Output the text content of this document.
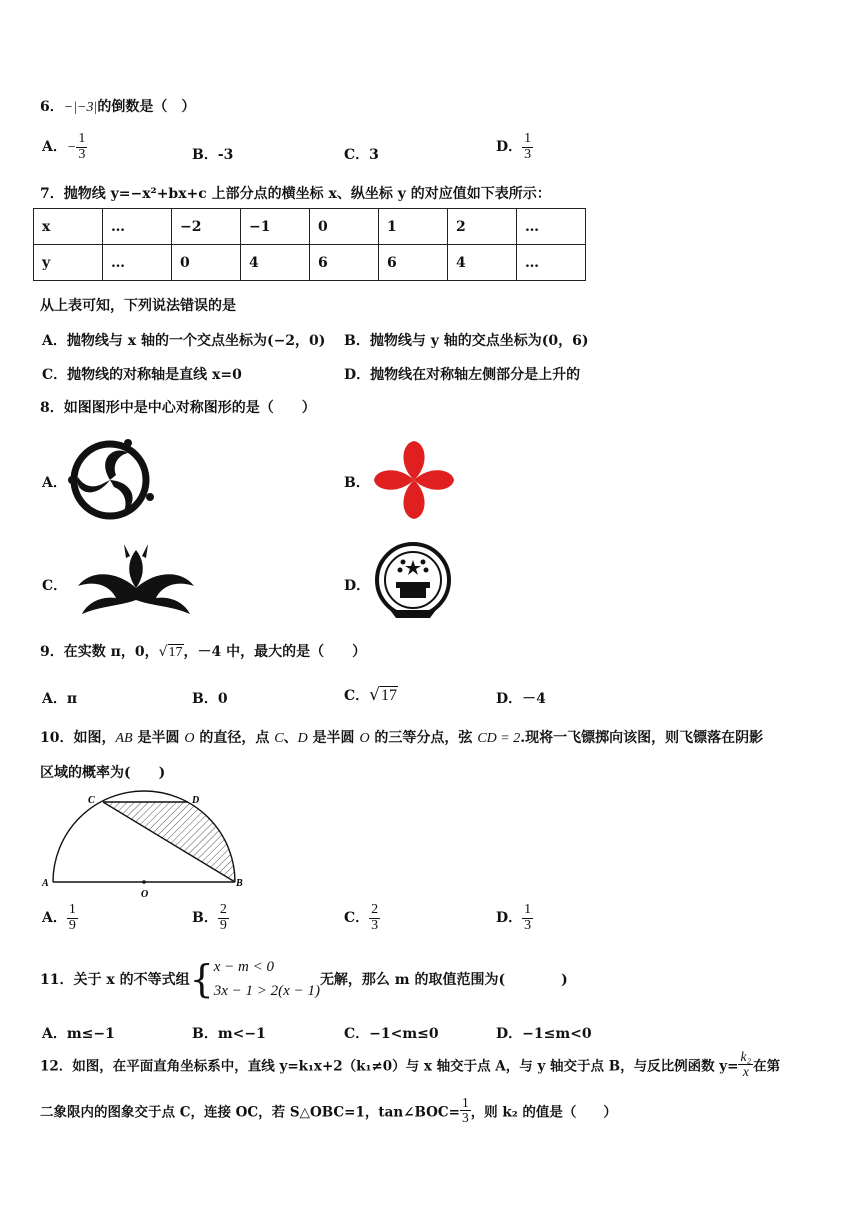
6．−|−3|的倒数是（　）
A．− $\frac{1}{3}$	B．-3	C．3	D． $\frac{1}{3}$
7．抛物线 y=−x²+bx+c 上部分点的横坐标 x、纵坐标 y 的对应值如下表所示：
x	…	−2	−1	0	1	2	…
y	…	0	4	6	6	4	…
从上表可知，下列说法错误的是
A．抛物线与 x 轴的一个交点坐标为(−2，0) B．抛物线与 y 轴的交点坐标为(0，6)
C．抛物线的对称轴是直线 x=0	D．抛物线在对称轴左侧部分是上升的
8．如图图形中是中心对称图形的是（　　）
A．	B．
C．	D．
9．在实数 π，0，√17，－4 中，最大的是（　　）
A．π	B．0	C．√17	D．－4
10．如图，AB 是半圆 O 的直径，点 C、D 是半圆 O 的三等分点，弦 CD = 2.现将一飞镖掷向该图，则飞镖落在阴影
区域的概率为(　　)
A	B
C	D
O
A． $\frac{1}{9}$	B． $\frac{2}{9}$	C． $\frac{2}{3}$	D． $\frac{1}{3}$
11．关于 x 的不等式组{ x − m < 0
3x − 1 > 2(x − 1)
无解，那么 m 的取值范围为(　　　　)
A．m≤−1	B．m<−1	C．−1<m≤0	D．−1≤m<0
12．如图，在平面直角坐标系中，直线 y=k₁x+2（k₁≠0）与 x 轴交于点 A，与 y 轴交于点 B，与反比例函数 $y= \frac{\text{k₂}}{x}$ 在第
二象限内的图象交于点 C，连接 OC，若 S△OBC=1，tan∠BOC= $\frac{1}{3}$ ，则 k₂ 的值是（　　）
